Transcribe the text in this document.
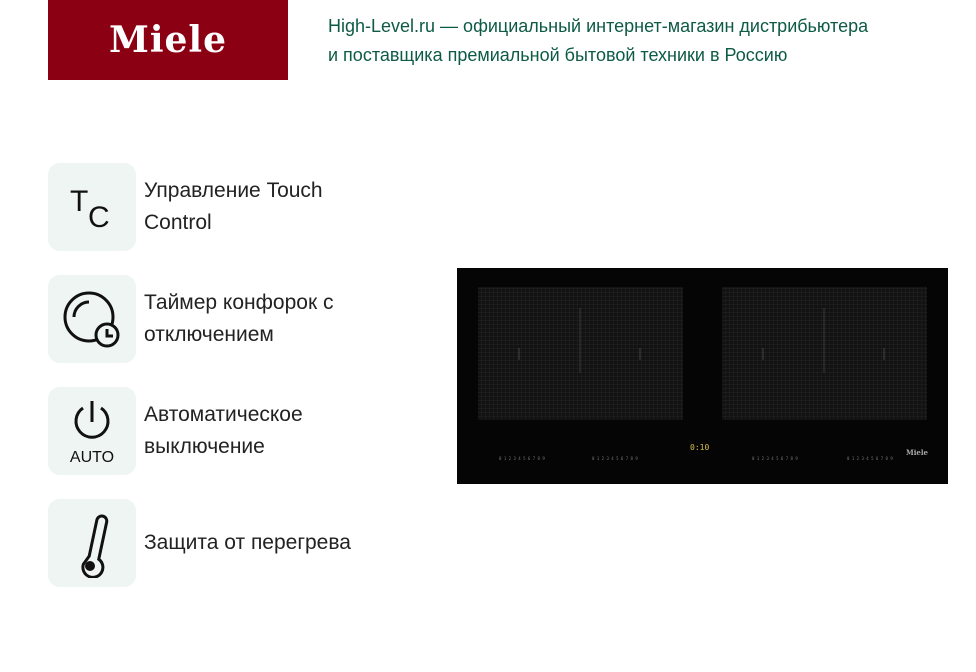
Miele	High-Level.ru — официальный интернет-магазин дистрибьютера
и поставщика премиальной бытовой техники в Россию
T C
Управление Touch
Control
Таймер конфорок с
отключением
AUTO
Автоматическое
выключение
Защита от перегрева
0:10
0 1 2 3 4 5 6 7 8 9	0 1 2 3 4 5 6 7 8 9	0 1 2 3 4 5 6 7 8 9	0 1 2 3 4 5 6 7 8 9
Miele
